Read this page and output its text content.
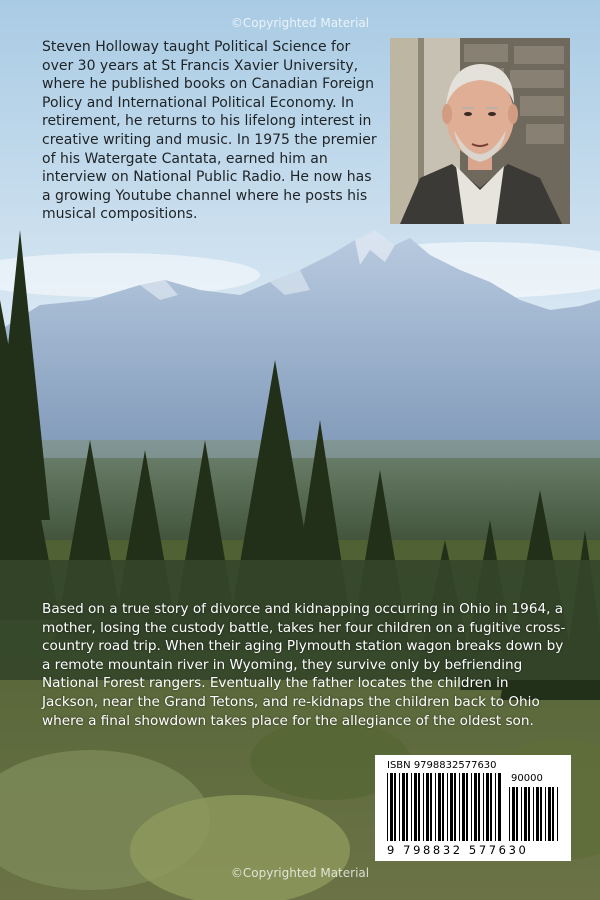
©Copyrighted Material

Steven Holloway taught Political Science for over 30 years at St Francis Xavier University, where he published books on Canadian Foreign Policy and International Political Economy. In retirement, he returns to his lifelong interest in creative writing and music. In 1975 the premier of his Watergate Cantata, earned him an interview on National Public Radio. He now has a growing Youtube channel where he posts his musical compositions.

Based on a true story of divorce and kidnapping occurring in Ohio in 1964, a mother, losing the custody battle, takes her four children on a fugitive cross-country road trip. When their aging Plymouth station wagon breaks down by a remote mountain river in Wyoming, they survive only by befriending National Forest rangers. Eventually the father locates the children in Jackson, near the Grand Tetons, and re-kidnaps the children back to Ohio where a final showdown takes place for the allegiance of the oldest son.

ISBN 9798832577630
90000
9 798832 577630
©Copyrighted Material
